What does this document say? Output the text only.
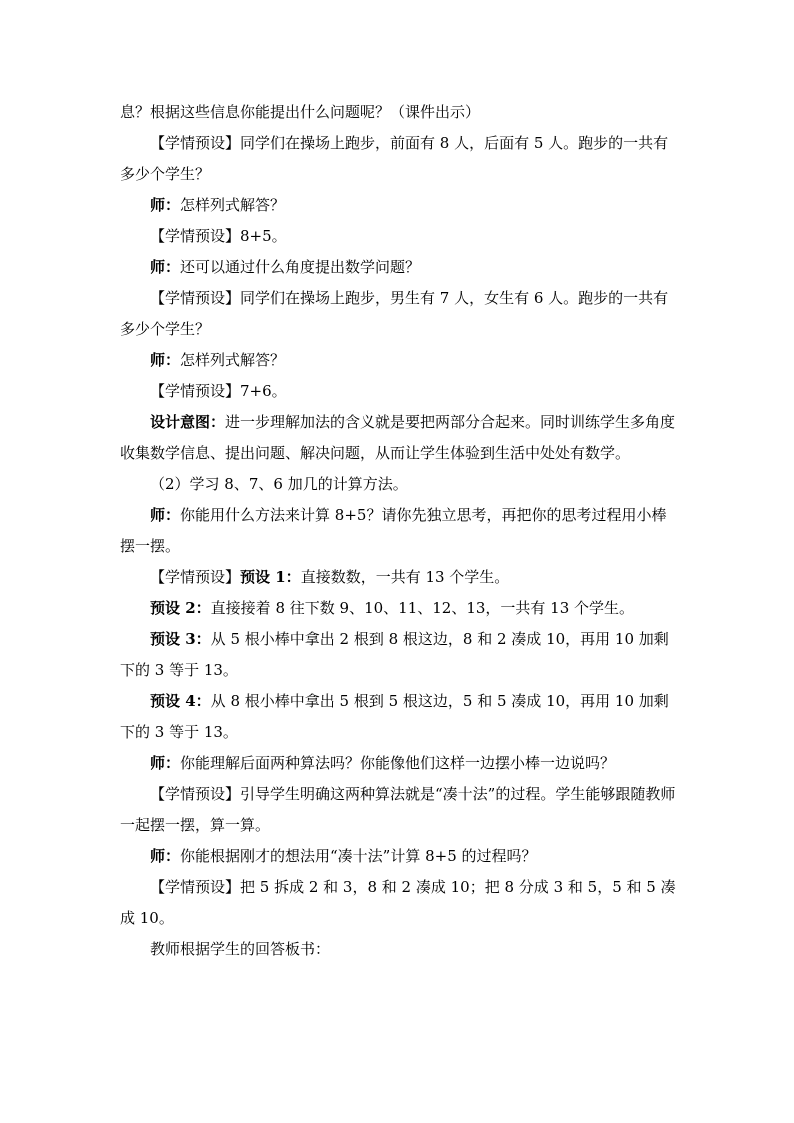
息？根据这些信息你能提出什么问题呢？（课件出示）

【学情预设】同学们在操场上跑步，前面有 8 人，后面有 5 人。跑步的一共有多少个学生？

师：怎样列式解答？

【学情预设】8+5。

师：还可以通过什么角度提出数学问题？

【学情预设】同学们在操场上跑步，男生有 7 人，女生有 6 人。跑步的一共有多少个学生？

师：怎样列式解答？

【学情预设】7+6。

设计意图：进一步理解加法的含义就是要把两部分合起来。同时训练学生多角度收集数学信息、提出问题、解决问题，从而让学生体验到生活中处处有数学。

（2）学习 8、7、6 加几的计算方法。

师：你能用什么方法来计算 8+5？请你先独立思考，再把你的思考过程用小棒摆一摆。

【学情预设】预设 1：直接数数，一共有 13 个学生。

预设 2：直接接着 8 往下数 9、10、11、12、13，一共有 13 个学生。

预设 3：从 5 根小棒中拿出 2 根到 8 根这边，8 和 2 凑成 10，再用 10 加剩下的 3 等于 13。

预设 4：从 8 根小棒中拿出 5 根到 5 根这边，5 和 5 凑成 10，再用 10 加剩下的 3 等于 13。

师：你能理解后面两种算法吗？你能像他们这样一边摆小棒一边说吗？

【学情预设】引导学生明确这两种算法就是“凑十法”的过程。学生能够跟随教师一起摆一摆，算一算。

师：你能根据刚才的想法用“凑十法”计算 8+5 的过程吗？

【学情预设】把 5 拆成 2 和 3，8 和 2 凑成 10；把 8 分成 3 和 5，5 和 5 凑成 10。

教师根据学生的回答板书：
